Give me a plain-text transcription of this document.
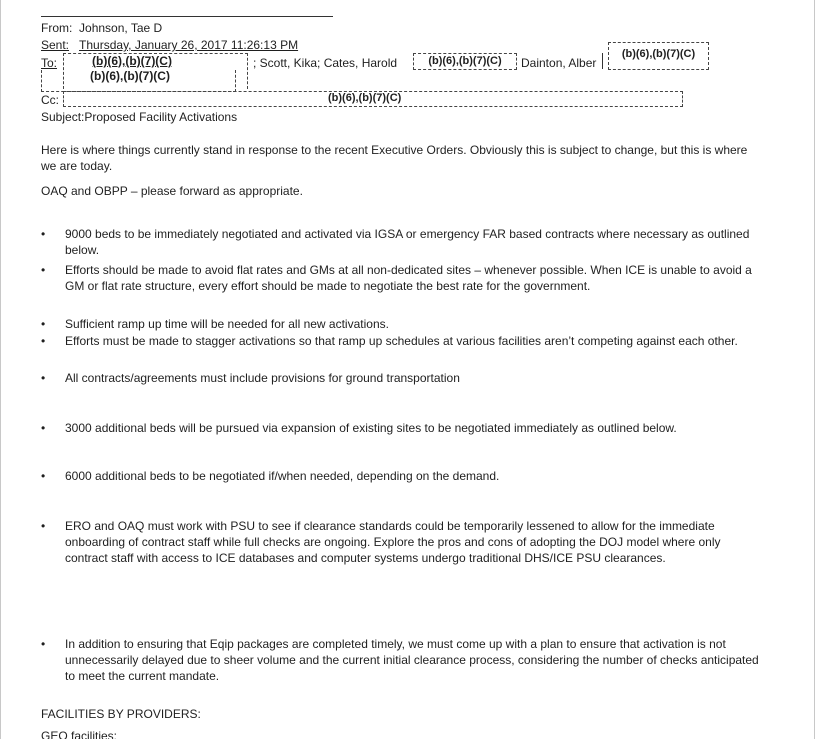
From: Johnson, Tae D
Sent: Thursday, January 26, 2017 11:26:13 PM
To:	(b)(6),(b)(7)(C)	; Scott, Kika; Cates, Harold	(b)(6),(b)(7)(C)	Dainton, Alber
(b)(6),(b)(7)(C)
(b)(6),(b)(7)(C)
Cc:	(b)(6),(b)(7)(C)
Subject:Proposed Facility Activations
Here is where things currently stand in response to the recent Executive Orders. Obviously this is subject to change, but this is where we are today.
OAQ and OBPP – please forward as appropriate.
• 9000 beds to be immediately negotiated and activated via IGSA or emergency FAR based contracts where necessary as outlined below.
• Efforts should be made to avoid flat rates and GMs at all non-dedicated sites – whenever possible. When ICE is unable to avoid a GM or flat rate structure, every effort should be made to negotiate the best rate for the government.
• Sufficient ramp up time will be needed for all new activations.
• Efforts must be made to stagger activations so that ramp up schedules at various facilities aren’t competing against each other.
• All contracts/agreements must include provisions for ground transportation
• 3000 additional beds will be pursued via expansion of existing sites to be negotiated immediately as outlined below.
• 6000 additional beds to be negotiated if/when needed, depending on the demand.
• ERO and OAQ must work with PSU to see if clearance standards could be temporarily lessened to allow for the immediate onboarding of contract staff while full checks are ongoing. Explore the pros and cons of adopting the DOJ model where only contract staff with access to ICE databases and computer systems undergo traditional DHS/ICE PSU clearances.
• In addition to ensuring that Eqip packages are completed timely, we must come up with a plan to ensure that activation is not unnecessarily delayed due to sheer volume and the current initial clearance process, considering the number of checks anticipated to meet the current mandate.
FACILITIES BY PROVIDERS:
GEO facilities:
